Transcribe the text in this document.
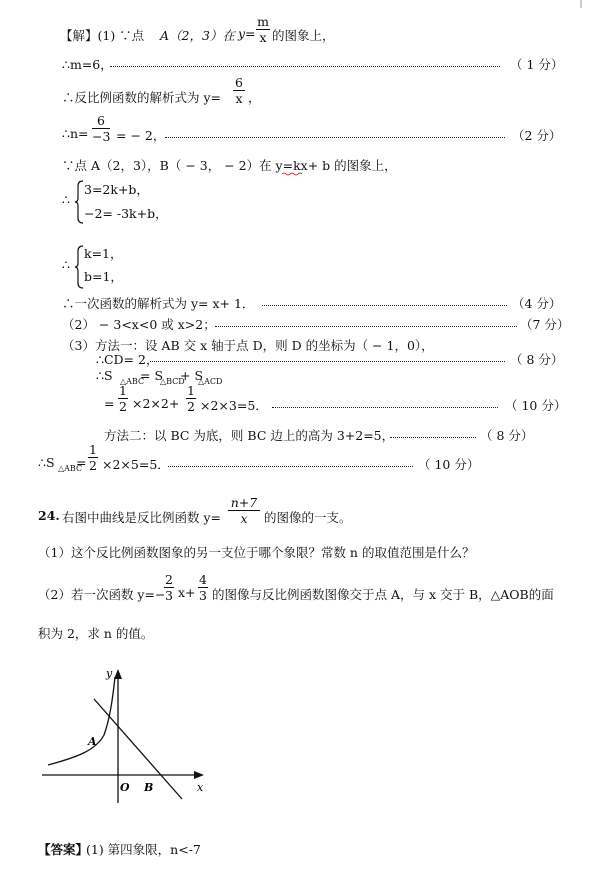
【解】(1) ∵点 A（2，3）在 y=
m
x 的图象上，
∴m=6，	（ 1 分）
∴反比例函数的解析式为 y=
6
x ，
∴n=
6
−3 = − 2，	（2 分）
∵点 A（2，3），B（ − 3， − 2）在 y=kx+ b 的图象上，
∴
3=2k+b，
−2= -3k+b，
∴
k=1，
b=1，
∴一次函数的解析式为 y= x+ 1．	（4 分）
（2） − 3<x<0 或 x>2；	（7 分）
（3）方法一：设 AB 交 x 轴于点 D，则 D 的坐标为（ − 1，0），
∴CD= 2，	（ 8 分）
∴S △ABC
= S
△BCD
+ S
△ACD
=
1
2 ×2×2+
1
2 ×2×3=5．	（ 10 分）
方法二：以 BC 为底，则 BC 边上的高为 3+2=5，	（ 8 分）
∴S △ABC
=
1
2 ×2×5=5．	（ 10 分）
24. 右图中曲线是反比例函数 y=
n+7
x	的图像的一支。
（1）这个反比例函数图象的另一支位于哪个象限？常数 n 的取值范围是什么？
（2）若一次函数 y=−
2
3 x+
4
3 的图像与反比例函数图像交于点 A，与 x 交于 B，△AOB的面
积为 2，求 n 的值。
y
x
A
O B
【答案】
(1) 第四象限，n<-7
